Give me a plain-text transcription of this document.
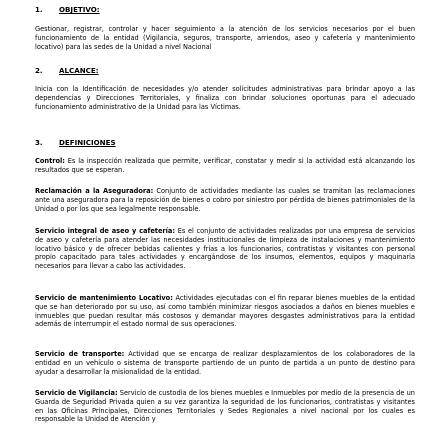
1. OBJETIVO:
Gestionar, registrar, controlar y hacer seguimiento a la atención de los servicios necesarios por el buen funcionamiento de la entidad (Vigilancia, seguros, transporte, arriendos, aseo y cafetería y mantenimiento locativo) para las sedes de la Unidad a nivel Nacional
2. ALCANCE:
Inicia con la Identificación de necesidades y/o atender solicitudes administrativas para brindar apoyo a las dependencias y Direcciones Territoriales, y finaliza con brindar soluciones oportunas para el adecuado funcionamiento administrativo de la Unidad para las Víctimas.
3. DEFINICIONES
Control: Es la inspección realizada que permite, verificar, constatar y medir si la actividad está alcanzando los resultados que se esperan.
Reclamación a la Aseguradora: Conjunto de actividades mediante las cuales se tramitan las reclamaciones ante una aseguradora para la reposición de bienes o cobro por siniestro por pérdida de bienes patrimoniales de la Unidad o por los que sea legalmente responsable.
Servicio integral de aseo y cafetería: Es el conjunto de actividades realizadas por una empresa de servicios de aseo y cafetería para atender las necesidades institucionales de limpieza de instalaciones y mantenimiento locativo básico y de ofrecer bebidas calientes y frías a los funcionarios, contratistas y visitantes con personal propio capacitado para tales actividades y encargándose de los insumos, elementos, equipos y maquinaria necesarios para llevar a cabo las actividades.
Servicio de mantenimiento Locativo: Actividades ejecutadas con el fin reparar bienes muebles de la entidad que se han deteriorado por su uso, así como también minimizar riesgos asociados a daños en bienes muebles e inmuebles que puedan resultar más costosos y demandar mayores desgastes administrativos para la entidad además de interrumpir el estado normal de sus operaciones.
Servicio de transporte: Actividad que se encarga de realizar desplazamientos de los colaboradores de la entidad en un vehículo o sistema de transporte partiendo de un punto de partida a un punto de destino para ayudar a desarrollar la misionalidad de la entidad.
Servicio de Vigilancia: Servicio de custodia de los bienes muebles e Inmuebles por medio de la presencia de un Guarda de Seguridad Privada quien a su vez garantiza la seguridad de los funcionarios, contratistas y visitantes en las Oficinas Principales, Direcciones Territoriales y Sedes Regionales a nivel nacional por los cuales es responsable la Unidad de Atención y
